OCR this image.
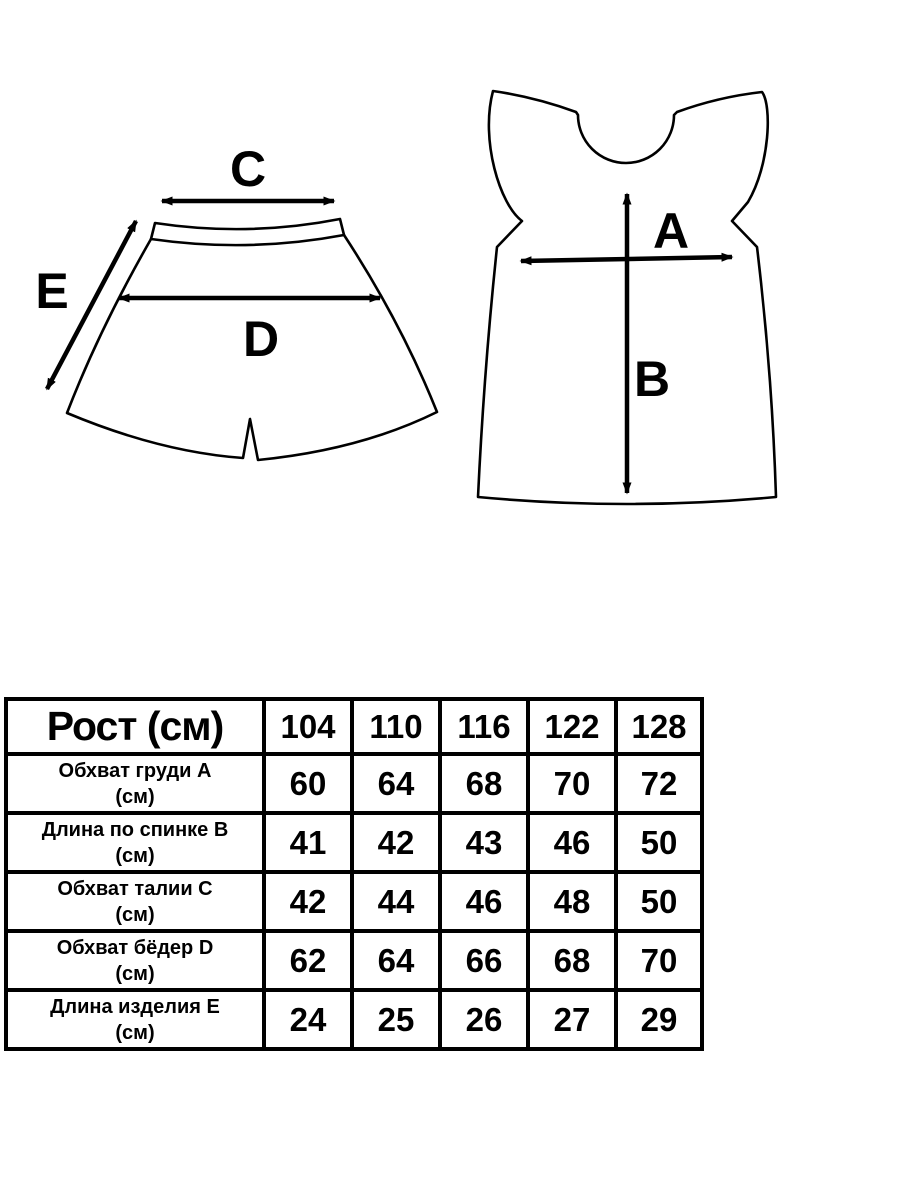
C
D
E
A
B
Рост (см)	104	110	116	122	128

Обхват груди A
(см)	60	64	68	70	72

Длина по спинке B
(см)	41	42	43	46	50

Обхват талии C
(см)	42	44	46	48	50

Обхват бёдер D
(см)	62	64	66	68	70

Длина изделия E
(см)	24	25	26	27	29
